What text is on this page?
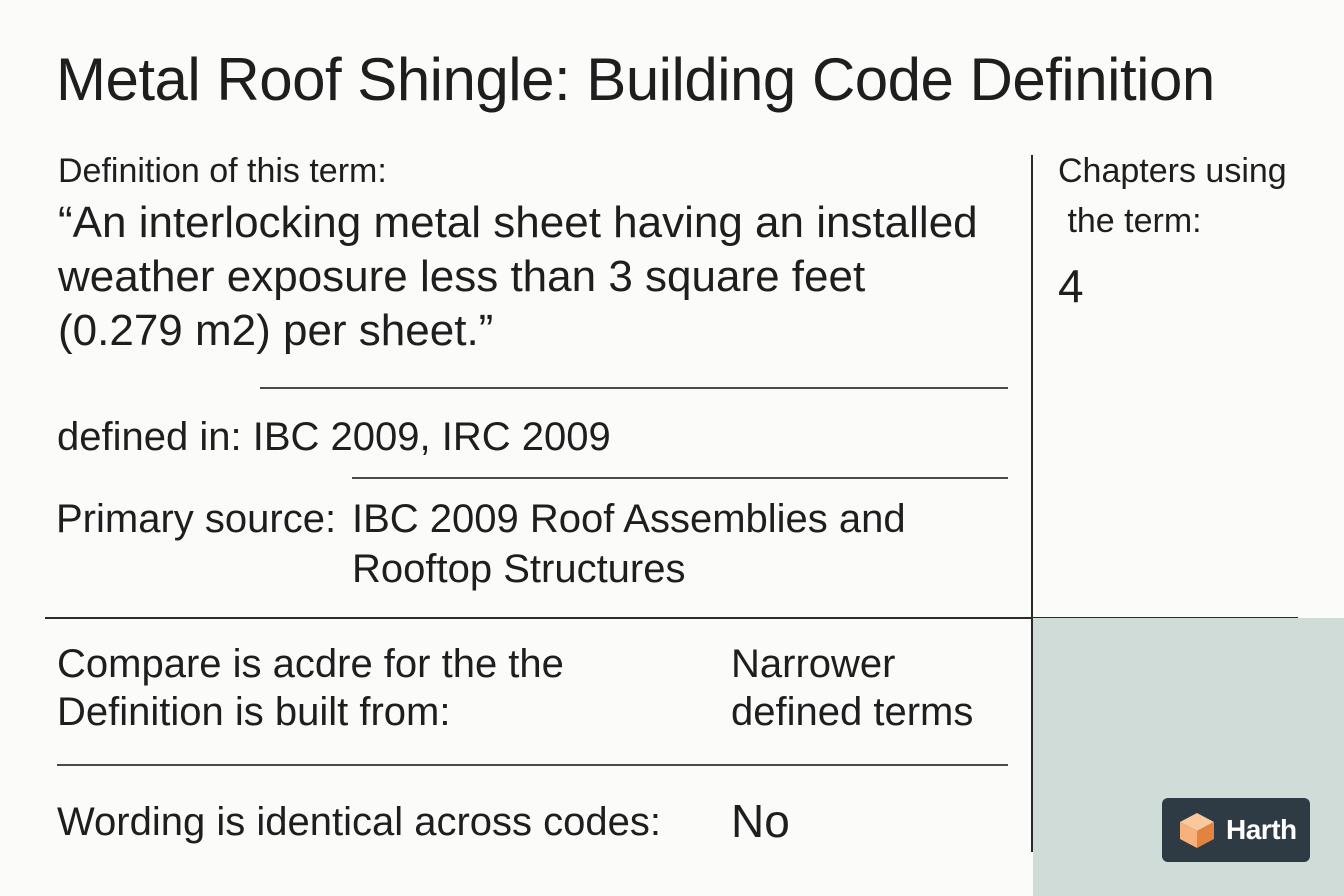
Metal Roof Shingle: Building Code Definition
Definition of this term:
“An interlocking metal sheet having an installed
weather exposure less than 3 square feet
(0.279 m2) per sheet.”
defined in: IBC 2009, IRC 2009
Primary source: IBC 2009 Roof Assemblies and
Rooftop Structures
Chapters using
the term:
4
Compare is acdre for the the
Definition is built from:
Narrower
defined terms
Wording is identical across codes: No	Harth
